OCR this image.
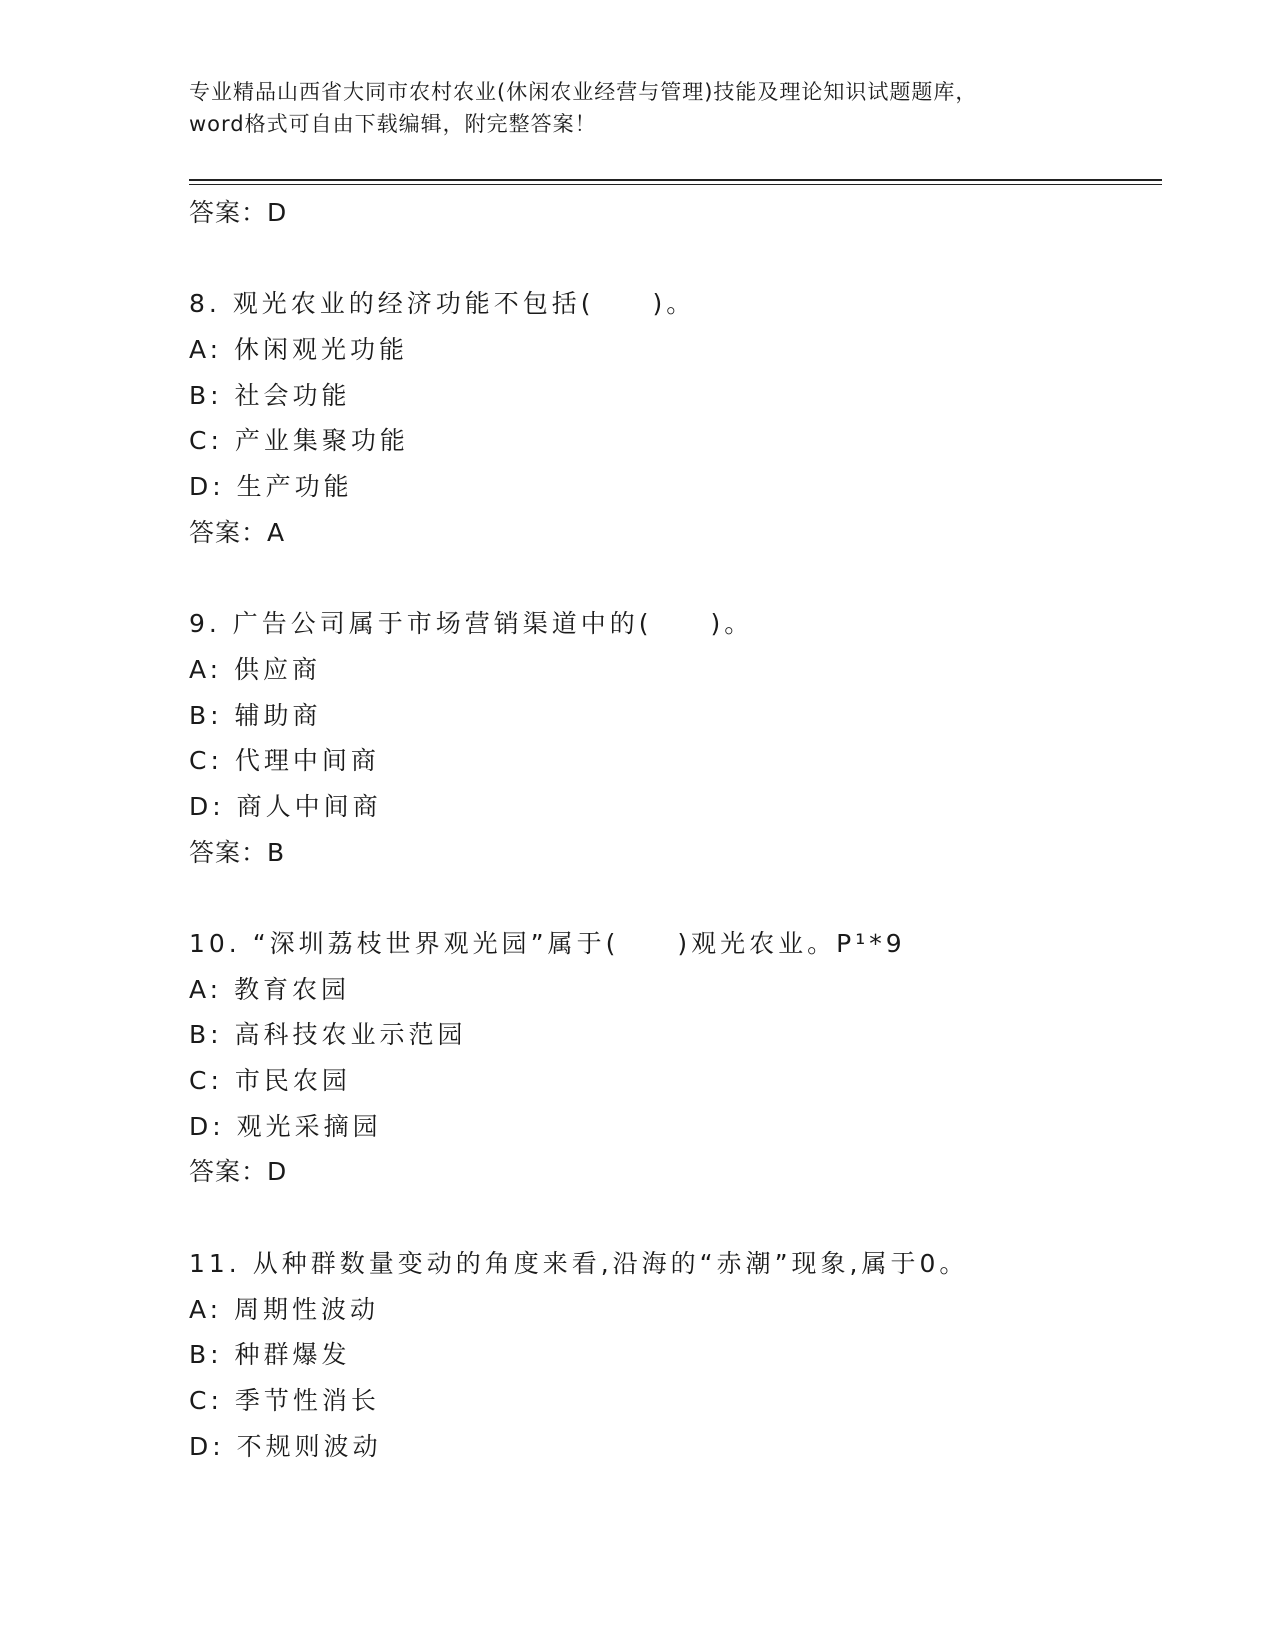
专业精品山西省大同市农村农业(休闲农业经营与管理)技能及理论知识试题题库，
word格式可自由下载编辑，附完整答案！
答案：D
8. 观光农业的经济功能不包括(　　)。
A: 休闲观光功能
B: 社会功能
C: 产业集聚功能
D: 生产功能
答案：A
9. 广告公司属于市场营销渠道中的(　　)。
A: 供应商
B: 辅助商
C: 代理中间商
D: 商人中间商
答案：B
10. “深圳荔枝世界观光园”属于(　　)观光农业。P¹*9
A: 教育农园
B: 高科技农业示范园
C: 市民农园
D: 观光采摘园
答案：D
11. 从种群数量变动的角度来看,沿海的“赤潮”现象,属于0。
A: 周期性波动
B: 种群爆发
C: 季节性消长
D: 不规则波动
